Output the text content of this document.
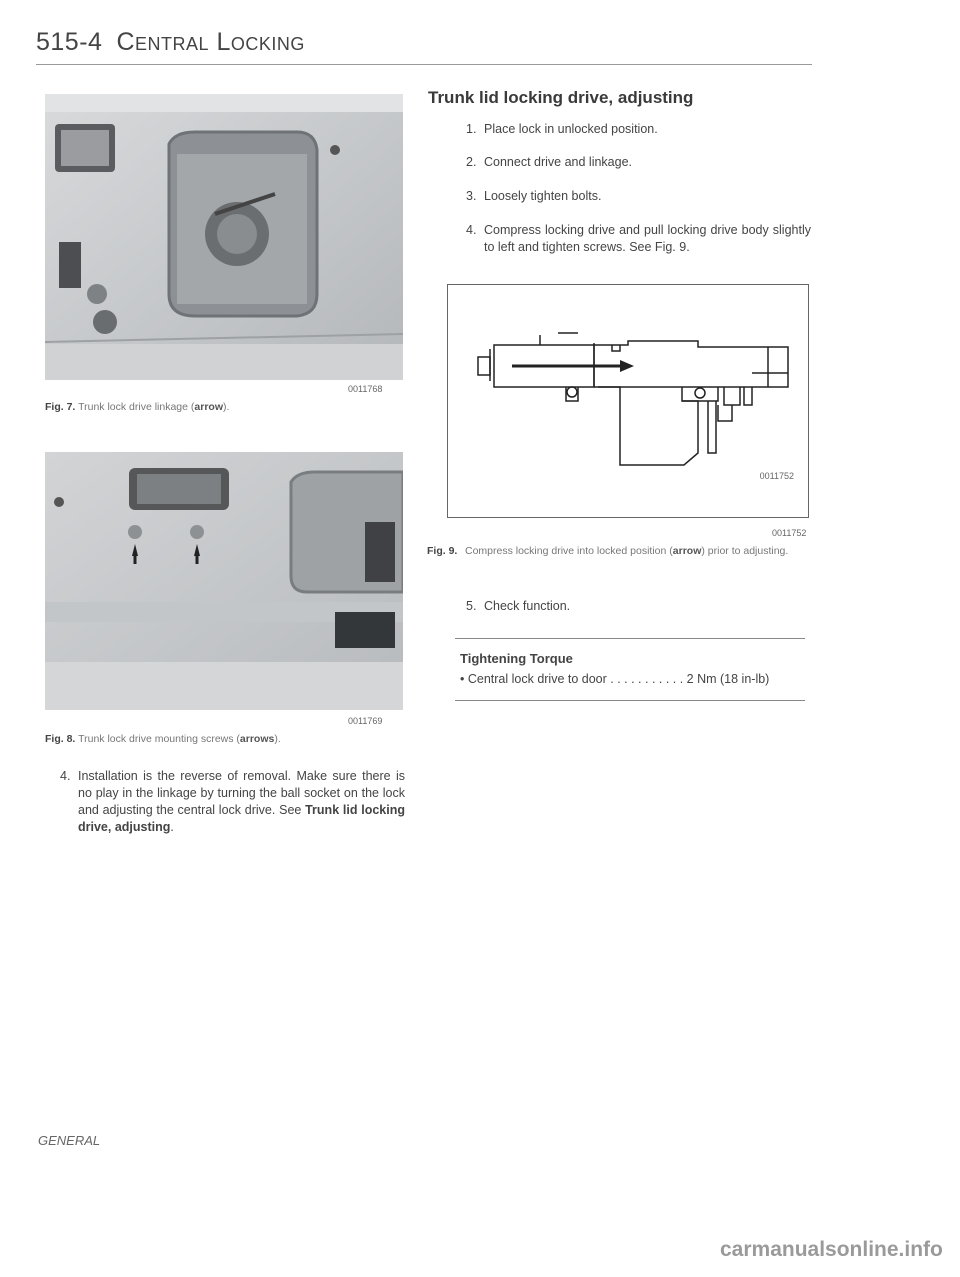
515-4 Central Locking
0011768
Fig. 7. Trunk lock drive linkage (arrow).
0011769
Fig. 8. Trunk lock drive mounting screws (arrows).
4. Installation is the reverse of removal. Make sure there is no play in the linkage by turning the ball socket on the lock and adjusting the central lock drive. See Trunk lid locking drive, adjusting.
Trunk lid locking drive, adjusting
1. Place lock in unlocked position.
2. Connect drive and linkage.
3. Loosely tighten bolts.
4. Compress locking drive and pull locking drive body slightly to left and tighten screws. See Fig. 9.
0011752
0011752
Fig. 9. Compress locking drive into locked position (arrow) prior to adjusting.
5. Check function.
Tightening Torque
• Central lock drive to door . . . . . . . . . . . 2 Nm (18 in-lb)
GENERAL
carmanualsonline.info
